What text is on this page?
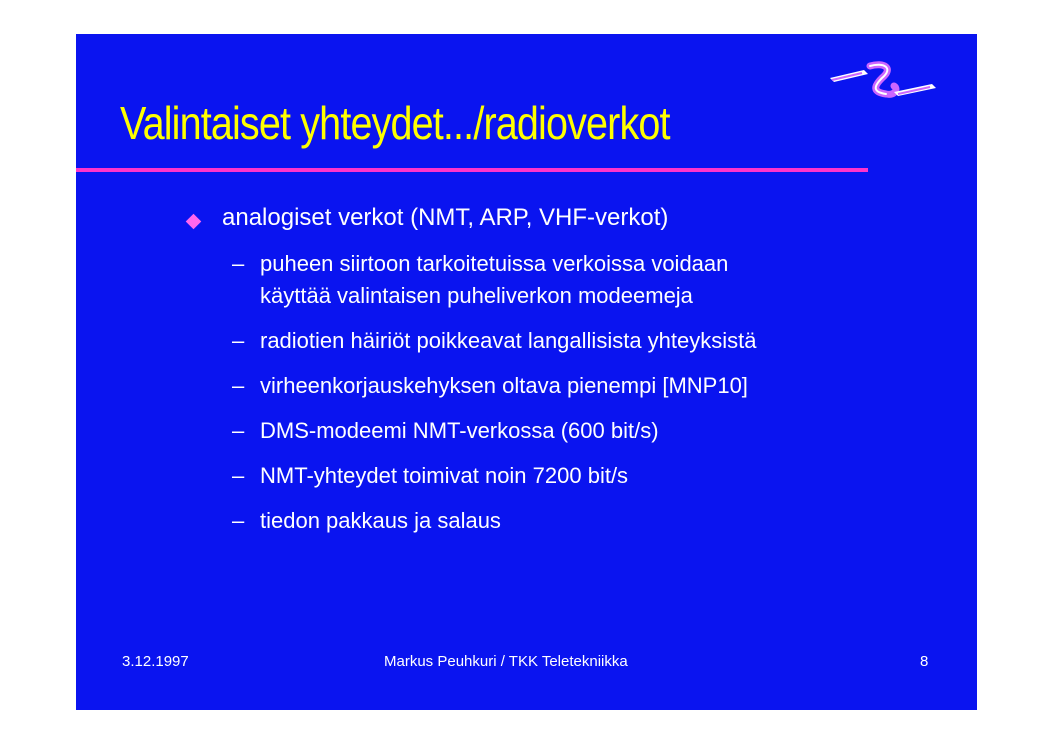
Valintaiset yhteydet.../radioverkot
analogiset verkot (NMT, ARP, VHF-verkot)
– puheen siirtoon tarkoitetuissa verkoissa voidaan
käyttää valintaisen puheliverkon modeemeja
– radiotien häiriöt poikkeavat langallisista yhteyksistä
– virheenkorjauskehyksen oltava pienempi [MNP10]
– DMS-modeemi NMT-verkossa (600 bit/s)
– NMT-yhteydet toimivat noin 7200 bit/s
– tiedon pakkaus ja salaus
3.12.1997	Markus Peuhkuri / TKK Teletekniikka	8
